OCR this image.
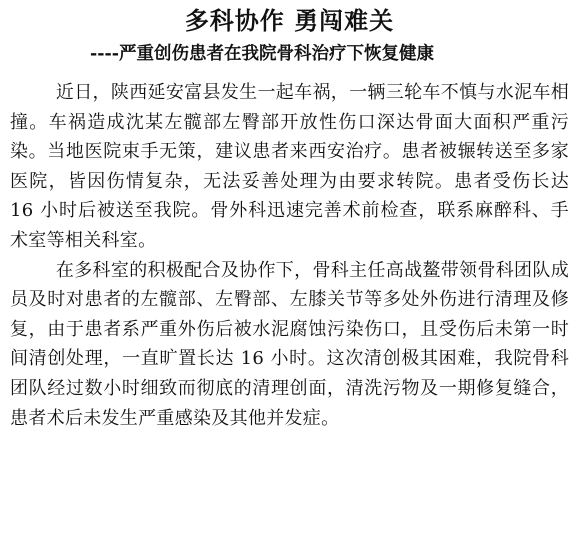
多科协作 勇闯难关
----严重创伤患者在我院骨科治疗下恢复健康

近日，陕西延安富县发生一起车祸，一辆三轮车不慎与水泥车相撞。车祸造成沈某左髋部左臀部开放性伤口深达骨面大面积严重污染。当地医院束手无策，建议患者来西安治疗。患者被辗转送至多家医院，皆因伤情复杂，无法妥善处理为由要求转院。患者受伤长达 16 小时后被送至我院。骨外科迅速完善术前检查，联系麻醉科、手术室等相关科室。

在多科室的积极配合及协作下，骨科主任高战鳌带领骨科团队成员及时对患者的左髋部、左臀部、左膝关节等多处外伤进行清理及修复，由于患者系严重外伤后被水泥腐蚀污染伤口，且受伤后未第一时间清创处理，一直旷置长达 16 小时。这次清创极其困难，我院骨科团队经过数小时细致而彻底的清理创面，清洗污物及一期修复缝合，患者术后未发生严重感染及其他并发症。
